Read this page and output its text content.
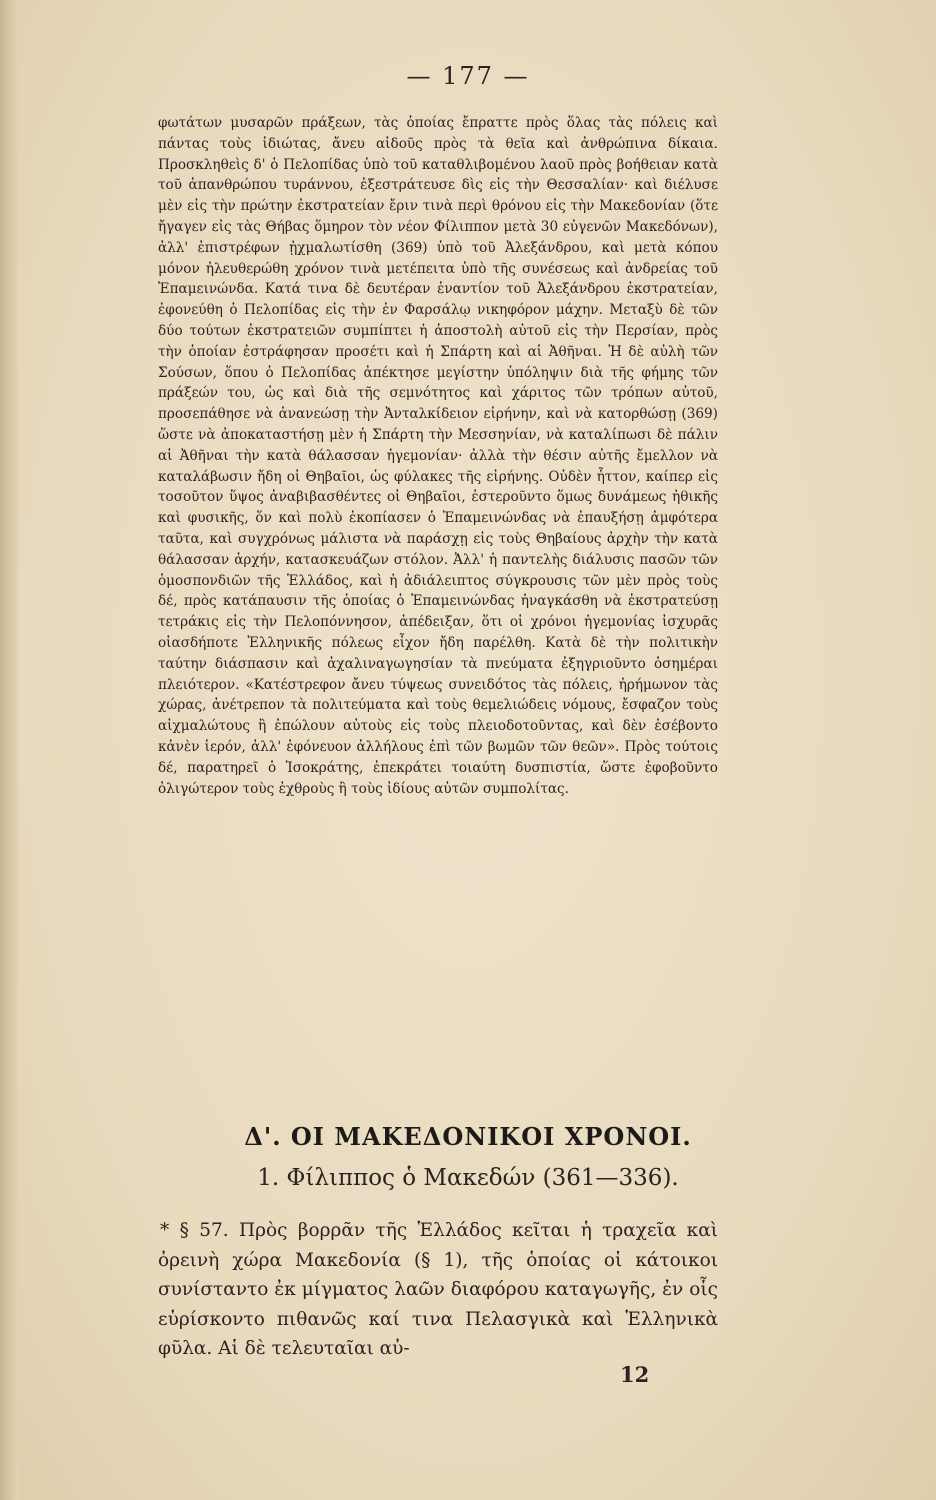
— 177 —

φωτάτων μυσαρῶν πράξεων, τὰς ὁποίας ἔπραττε πρὸς ὅλας τὰς πόλεις καὶ πάντας τοὺς ἰδιώτας, ἄνευ αἰδοῦς πρὸς τὰ θεῖα καὶ ἀνθρώπινα δίκαια. Προσκληθεὶς δ' ὁ Πελοπίδας ὑπὸ τοῦ καταθλιβομένου λαοῦ πρὸς βοήθειαν κατὰ τοῦ ἀπανθρώπου τυράννου, ἐξεστράτευσε δὶς εἰς τὴν Θεσσαλίαν· καὶ διέλυσε μὲν εἰς τὴν πρώτην ἐκστρατείαν ἔριν τινὰ περὶ θρόνου εἰς τὴν Μακεδονίαν (ὅτε ἤγαγεν εἰς τὰς Θήβας ὅμηρον τὸν νέον Φίλιππον μετὰ 30 εὐγενῶν Μακεδόνων), ἀλλ' ἐπιστρέφων ᾐχμαλωτίσθη (369) ὑπὸ τοῦ Ἀλεξάνδρου, καὶ μετὰ κόπου μόνον ἠλευθερώθη χρόνον τινὰ μετέπειτα ὑπὸ τῆς συνέσεως καὶ ἀνδρείας τοῦ Ἐπαμεινώνδα. Κατά τινα δὲ δευτέραν ἐναντίον τοῦ Ἀλεξάνδρου ἐκστρατείαν, ἐφονεύθη ὁ Πελοπίδας εἰς τὴν ἐν Φαρσάλῳ νικηφόρον μάχην. Μεταξὺ δὲ τῶν δύο τούτων ἐκστρατειῶν συμπίπτει ἡ ἀποστολὴ αὐτοῦ εἰς τὴν Περσίαν, πρὸς τὴν ὁποίαν ἐστράφησαν προσέτι καὶ ἡ Σπάρτη καὶ αἱ Ἀθῆναι. Ἡ δὲ αὐλὴ τῶν Σούσων, ὅπου ὁ Πελοπίδας ἀπέκτησε μεγίστην ὑπόληψιν διὰ τῆς φήμης τῶν πράξεών του, ὡς καὶ διὰ τῆς σεμνότητος καὶ χάριτος τῶν τρόπων αὐτοῦ, προσεπάθησε νὰ ἀνανεώσῃ τὴν Ἀνταλκίδειον εἰρήνην, καὶ νὰ κατορθώσῃ (369) ὥστε νὰ ἀποκαταστήσῃ μὲν ἡ Σπάρτη τὴν Μεσσηνίαν, νὰ καταλίπωσι δὲ πάλιν αἱ Ἀθῆναι τὴν κατὰ θάλασσαν ἡγεμονίαν· ἀλλὰ τὴν θέσιν αὐτῆς ἔμελλον νὰ καταλάβωσιν ἤδη οἱ Θηβαῖοι, ὡς φύλακες τῆς εἰρήνης. Οὐδὲν ἧττον, καίπερ εἰς τοσοῦτον ὕψος ἀναβιβασθέντες οἱ Θηβαῖοι, ἐστεροῦντο ὅμως δυνάμεως ἠθικῆς καὶ φυσικῆς, ὅν καὶ πολὺ ἐκοπίασεν ὁ Ἐπαμεινώνδας νὰ ἐπαυξήσῃ ἀμφότερα ταῦτα, καὶ συγχρόνως μάλιστα νὰ παράσχῃ εἰς τοὺς Θηβαίους ἀρχὴν τὴν κατὰ θάλασσαν ἀρχήν, κατασκευάζων στόλον. Ἀλλ' ἡ παντελὴς διάλυσις πασῶν τῶν ὁμοσπονδιῶν τῆς Ἑλλάδος, καὶ ἡ ἀδιάλειπτος σύγκρουσις τῶν μὲν πρὸς τοὺς δέ, πρὸς κατάπαυσιν τῆς ὁποίας ὁ Ἐπαμεινώνδας ἠναγκάσθη νὰ ἐκστρατεύσῃ τετράκις εἰς τὴν Πελοπόννησον, ἀπέδειξαν, ὅτι οἱ χρόνοι ἡγεμονίας ἰσχυρᾶς οἱασδήποτε Ἑλληνικῆς πόλεως εἶχον ἤδη παρέλθη. Κατὰ δὲ τὴν πολιτικὴν ταύτην διάσπασιν καὶ ἀχαλιναγωγησίαν τὰ πνεύματα ἐξηγριοῦντο ὁσημέραι πλειότερον. «Κατέστρεφον ἄνευ τύψεως συνειδότος τὰς πόλεις, ἠρήμωνον τὰς χώρας, ἀνέτρεπον τὰ πολιτεύματα καὶ τοὺς θεμελιώδεις νόμους, ἔσφαζον τοὺς αἰχμαλώτους ἢ ἐπώλουν αὐτοὺς εἰς τοὺς πλειοδοτοῦντας, καὶ δὲν ἐσέβοντο κἀνὲν ἱερόν, ἀλλ' ἐφόνευον ἀλλήλους ἐπὶ τῶν βωμῶν τῶν θεῶν». Πρὸς τούτοις δέ, παρατηρεῖ ὁ Ἰσοκράτης, ἐπεκράτει τοιαύτη δυσπιστία, ὥστε ἐφοβοῦντο ὀλιγώτερον τοὺς ἐχθροὺς ἢ τοὺς ἰδίους αὐτῶν συμπολίτας.

Δ'. ΟΙ ΜΑΚΕΔΟΝΙΚΟΙ ΧΡΟΝΟΙ.
1. Φίλιππος ὁ Μακεδών (361—336).

* § 57. Πρὸς βορρᾶν τῆς Ἑλλάδος κεῖται ἡ τραχεῖα καὶ ὀρεινὴ χώρα Μακεδονία (§ 1), τῆς ὁποίας οἱ κάτοικοι συνίσταντο ἐκ μίγματος λαῶν διαφόρου καταγωγῆς, ἐν οἷς εὑρίσκοντο πιθανῶς καί τινα Πελασγικὰ καὶ Ἑλληνικὰ φῦλα. Αἱ δὲ τελευταῖαι αὐ-

12
